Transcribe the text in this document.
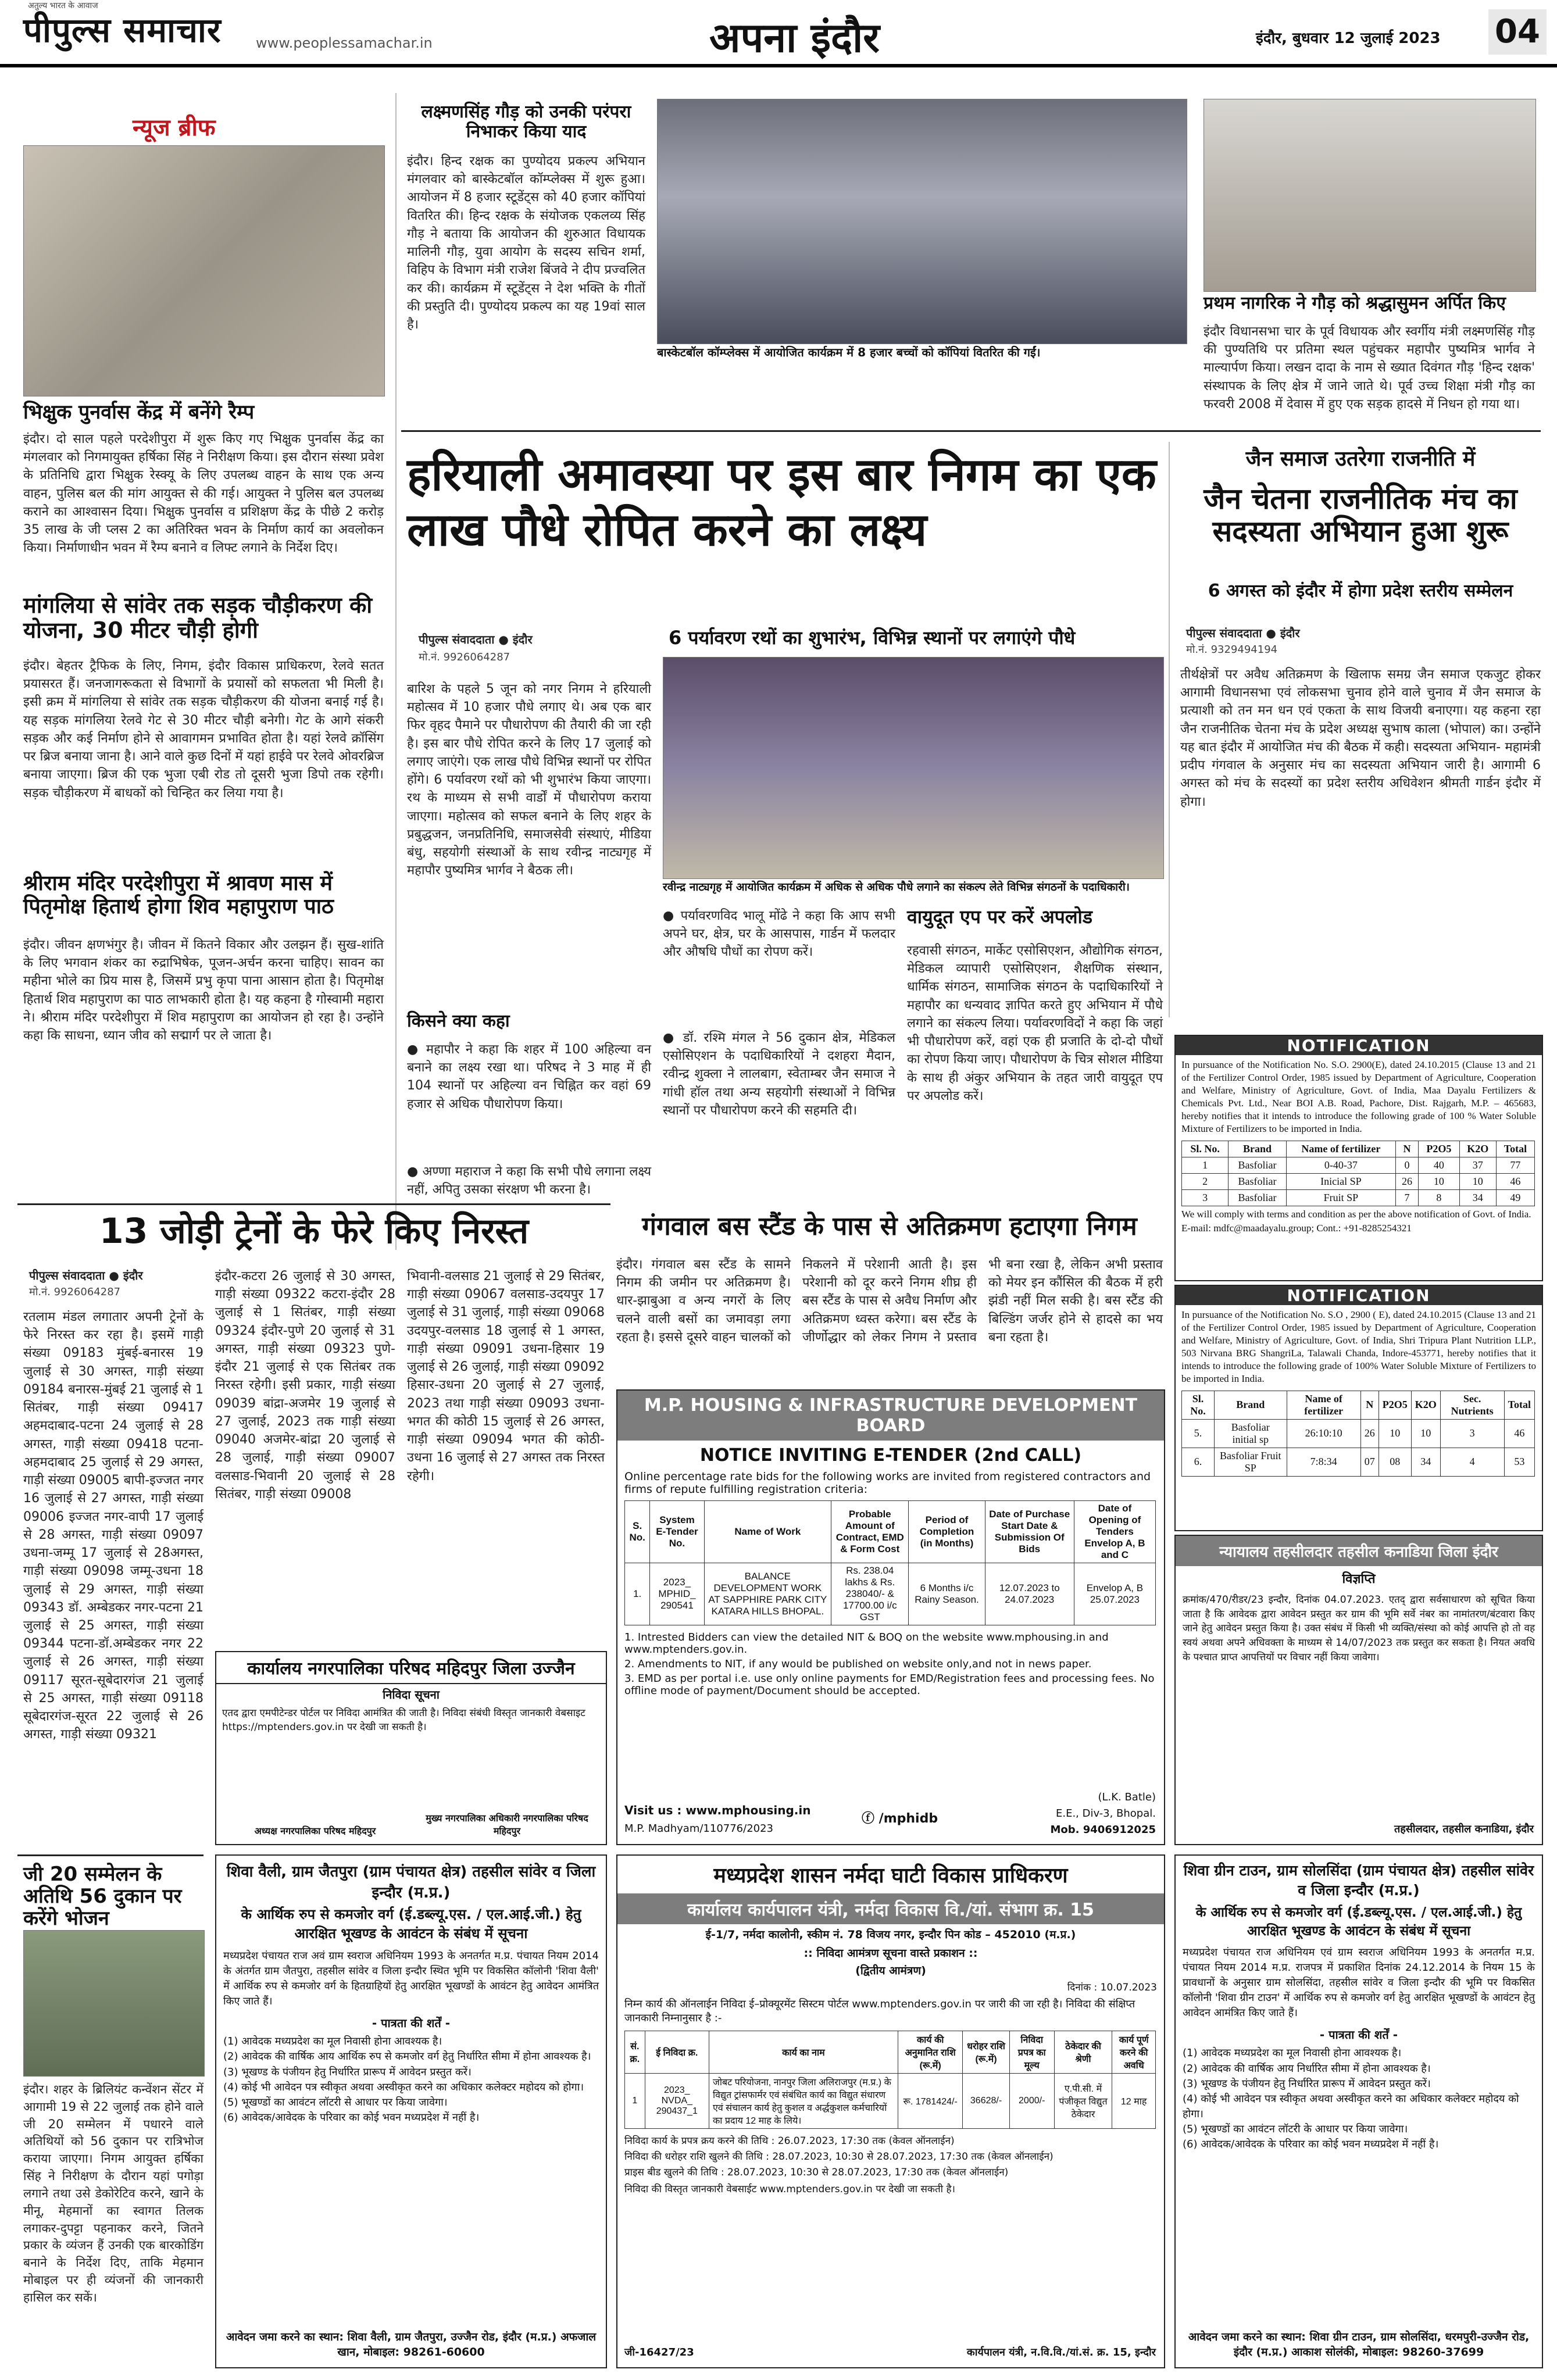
अतुल्य भारत के आवाज
पीपुल्स समाचार www.peoplessamachar.in	अपना इंदौर	इंदौर, बुधवार 12 जुलाई 2023 04
न्यूज ब्रीफ
भिक्षुक पुनर्वास केंद्र में बनेंगे रैम्प
इंदौर। दो साल पहले परदेशीपुरा में शुरू किए गए भिक्षुक पुनर्वास केंद्र का मंगलवार को निगमायुक्त हर्षिका सिंह ने निरीक्षण किया। इस दौरान संस्था प्रवेश के प्रतिनिधि द्वारा भिक्षुक रेस्क्यू के लिए उपलब्ध वाहन के साथ एक अन्य वाहन, पुलिस बल की मांग आयुक्त से की गई। आयुक्त ने पुलिस बल उपलब्ध कराने का आश्वासन दिया। भिक्षुक पुनर्वास व प्रशिक्षण केंद्र के पीछे 2 करोड़ 35 लाख के जी प्लस 2 का अतिरिक्त भवन के निर्माण कार्य का अवलोकन किया। निर्माणाधीन भवन में रैम्प बनाने व लिफ्ट लगाने के निर्देश दिए।
मांगलिया से सांवेर तक सड़क चौड़ीकरण की योजना, 30 मीटर चौड़ी होगी
इंदौर। बेहतर ट्रैफिक के लिए, निगम, इंदौर विकास प्राधिकरण, रेलवे सतत प्रयासरत हैं। जनजागरूकता से विभागों के प्रयासों को सफलता भी मिली है। इसी क्रम में मांगलिया से सांवेर तक सड़क चौड़ीकरण की योजना बनाई गई है। यह सड़क मांगलिया रेलवे गेट से 30 मीटर चौड़ी बनेगी। गेट के आगे संकरी सड़क और कई निर्माण होने से आवागमन प्रभावित होता है। यहां रेलवे क्रॉसिंग पर ब्रिज बनाया जाना है। आने वाले कुछ दिनों में यहां हाईवे पर रेलवे ओवरब्रिज बनाया जाएगा। ब्रिज की एक भुजा एबी रोड तो दूसरी भुजा डिपो तक रहेगी। सड़क चौड़ीकरण में बाधकों को चिन्हित कर लिया गया है।
श्रीराम मंदिर परदेशीपुरा में श्रावण मास में पितृमोक्ष हितार्थ होगा शिव महापुराण पाठ
इंदौर। जीवन क्षणभंगुर है। जीवन में कितने विकार और उलझन हैं। सुख-शांति के लिए भगवान शंकर का रुद्राभिषेक, पूजन-अर्चन करना चाहिए। सावन का महीना भोले का प्रिय मास है, जिसमें प्रभु कृपा पाना आसान होता है। पितृमोक्ष हितार्थ शिव महापुराण का पाठ लाभकारी होता है। यह कहना है गोस्वामी महारा ने। श्रीराम मंदिर परदेशीपुरा में शिव महापुराण का आयोजन हो रहा है। उन्होंने कहा कि साधना, ध्यान जीव को सद्मार्ग पर ले जाता है।
लक्ष्मणसिंह गौड़ को उनकी परंपरा निभाकर किया याद
इंदौर। हिन्द रक्षक का पुण्योदय प्रकल्प अभियान मंगलवार को बास्केटबॉल कॉम्प्लेक्स में शुरू हुआ। आयोजन में 8 हजार स्टूडेंट्स को 40 हजार कॉपियां वितरित की। हिन्द रक्षक के संयोजक एकलव्य सिंह गौड़ ने बताया कि आयोजन की शुरुआत विधायक मालिनी गौड़, युवा आयोग के सदस्य सचिन शर्मा, विहिप के विभाग मंत्री राजेश बिंजवे ने दीप प्रज्वलित कर की। कार्यक्रम में स्टूडेंट्स ने देश भक्ति के गीतों की प्रस्तुति दी। पुण्योदय प्रकल्प का यह 19वां साल है।
बास्केटबॉल कॉम्प्लेक्स में आयोजित कार्यक्रम में 8 हजार बच्चों को कॉपियां वितरित की गईं।
प्रथम नागरिक ने गौड़ को श्रद्धासुमन अर्पित किए
इंदौर विधानसभा चार के पूर्व विधायक और स्वर्गीय मंत्री लक्ष्मणसिंह गौड़ की पुण्यतिथि पर प्रतिमा स्थल पहुंचकर महापौर पुष्यमित्र भार्गव ने माल्यार्पण किया। लखन दादा के नाम से ख्यात दिवंगत गौड़ 'हिन्द रक्षक' संस्थापक के लिए क्षेत्र में जाने जाते थे। पूर्व उच्च शिक्षा मंत्री गौड़ का फरवरी 2008 में देवास में हुए एक सड़क हादसे में निधन हो गया था।
हरियाली अमावस्या पर इस बार निगम का एक लाख पौधे रोपित करने का लक्ष्य
6 पर्यावरण रथों का शुभारंभ, विभिन्न स्थानों पर लगाएंगे पौधे
पीपुल्स संवाददाता ● इंदौर
मो.नं. 9926064287
बारिश के पहले 5 जून को नगर निगम ने हरियाली महोत्सव में 10 हजार पौधे लगाए थे। अब एक बार फिर वृहद पैमाने पर पौधारोपण की तैयारी की जा रही है। इस बार पौधे रोपित करने के लिए 17 जुलाई को लगाए जाएंगे। एक लाख पौधे विभिन्न स्थानों पर रोपित होंगे। 6 पर्यावरण रथों को भी शुभारंभ किया जाएगा। रथ के माध्यम से सभी वार्डों में पौधारोपण कराया जाएगा। महोत्सव को सफल बनाने के लिए शहर के प्रबुद्धजन, जनप्रतिनिधि, समाजसेवी संस्थाएं, मीडिया बंधु, सहयोगी संस्थाओं के साथ रवीन्द्र नाट्यगृह में महापौर पुष्यमित्र भार्गव ने बैठक ली।
रवीन्द्र नाट्यगृह में आयोजित कार्यक्रम में अधिक से अधिक पौधे लगाने का संकल्प लेते विभिन्न संगठनों के पदाधिकारी।
किसने क्या कहा
● महापौर ने कहा कि शहर में 100 अहिल्या वन बनाने का लक्ष्य रखा था। परिषद ने 3 माह में ही 104 स्थानों पर अहिल्या वन चिह्नित कर वहां 69 हजार से अधिक पौधारोपण किया।
● अण्णा महाराज ने कहा कि सभी पौधे लगाना लक्ष्य नहीं, अपितु उसका संरक्षण भी करना है।
● पर्यावरणविद भालू मोंढे ने कहा कि आप सभी अपने घर, क्षेत्र, घर के आसपास, गार्डन में फलदार और औषधि पौधों का रोपण करें।
● डॉ. रश्मि मंगल ने 56 दुकान क्षेत्र, मेडिकल एसोसिएशन के पदाधिकारियों ने दशहरा मैदान, रवीन्द्र शुक्ला ने लालबाग, स्वेताम्बर जैन समाज ने गांधी हॉल तथा अन्य सहयोगी संस्थाओं ने विभिन्न स्थानों पर पौधारोपण करने की सहमति दी।
वायुदूत एप पर करें अपलोड
रहवासी संगठन, मार्केट एसोसिएशन, औद्योगिक संगठन, मेडिकल व्यापारी एसोसिएशन, शैक्षणिक संस्थान, धार्मिक संगठन, सामाजिक संगठन के पदाधिकारियों ने महापौर का धन्यवाद ज्ञापित करते हुए अभियान में पौधे लगाने का संकल्प लिया। पर्यावरणविदों ने कहा कि जहां भी पौधारोपण करें, वहां एक ही प्रजाति के दो-दो पौधों का रोपण किया जाए। पौधारोपण के चित्र सोशल मीडिया के साथ ही अंकुर अभियान के तहत जारी वायुदूत एप पर अपलोड करें।
जैन समाज उतरेगा राजनीति में
जैन चेतना राजनीतिक मंच का सदस्यता अभियान हुआ शुरू
6 अगस्त को इंदौर में होगा प्रदेश स्तरीय सम्मेलन
पीपुल्स संवाददाता ● इंदौर
मो.नं. 9329494194
तीर्थक्षेत्रों पर अवैध अतिक्रमण के खिलाफ समग्र जैन समाज एकजुट होकर आगामी विधानसभा एवं लोकसभा चुनाव होने वाले चुनाव में जैन समाज के प्रत्याशी को तन मन धन एवं एकता के साथ विजयी बनाएगा। यह कहना रहा जैन राजनीतिक चेतना मंच के प्रदेश अध्यक्ष सुभाष काला (भोपाल) का। उन्होंने यह बात इंदौर में आयोजित मंच की बैठक में कही। सदस्यता अभियान- महामंत्री प्रदीप गंगवाल के अनुसार मंच का सदस्यता अभियान जारी है। आगामी 6 अगस्त को मंच के सदस्यों का प्रदेश स्तरीय अधिवेशन श्रीमती गार्डन इंदौर में होगा।
NOTIFICATION
In pursuance of the Notification No. S.O. 2900(E), dated 24.10.2015 (Clause 13 and 21 of the Fertilizer Control Order, 1985 issued by Department of Agriculture, Cooperation and Welfare, Ministry of Agriculture, Govt. of India, Maa Dayalu Fertilizers & Chemicals Pvt. Ltd., Near BOI A.B. Road, Pachore, Dist. Rajgarh, M.P. – 465683, hereby notifies that it intends to introduce the following grade of 100 % Water Soluble Mixture of Fertilizers to be imported in India.
Sl. No.	Brand	Name of fertilizer	N	P2O5	K2O	Total
1	Basfoliar	0-40-37	0	40	37	77
2	Basfoliar	Inicial SP	26	10	10	46
3	Basfoliar	Fruit SP	7	8	34	49
We will comply with terms and condition as per the above notification of Govt. of India.
E-mail: mdfc@maadayalu.group; Cont.: +91-8285254321
NOTIFICATION
In pursuance of the Notification No. S.O , 2900 ( E), dated 24.10.2015 (Clause 13 and 21 of the Fertilizer Control Order, 1985 issued by Department of Agriculture, Cooperation and Welfare, Ministry of Agriculture, Govt. of India, Shri Tripura Plant Nutrition LLP., 503 Nirvana BRG ShangriLa, Talawali Chanda, Indore-453771, hereby notifies that it intends to introduce the following grade of 100% Water Soluble Mixture of Fertilizers to be imported in India.
Sl. No.	Brand	Name of fertilizer	N	P2O5	K2O	Sec. Nutrients	Total
5.	Basfoliar initial sp	26:10:10	26	10	10	3	46
6.	Basfoliar Fruit SP	7:8:34	07	08	34	4	53
13 जोड़ी ट्रेनों के फेरे किए निरस्त
पीपुल्स संवाददाता ● इंदौर
मो.नं. 9926064287
रतलाम मंडल लगातार अपनी ट्रेनों के फेरे निरस्त कर रहा है। इसमें गाड़ी संख्या 09183 मुंबई-बनारस 19 जुलाई से 30 अगस्त, गाड़ी संख्या 09184 बनारस-मुंबई 21 जुलाई से 1 सितंबर, गाड़ी संख्या 09417 अहमदाबाद-पटना 24 जुलाई से 28 अगस्त, गाड़ी संख्या 09418 पटना-अहमदाबाद 25 जुलाई से 29 अगस्त, गाड़ी संख्या 09005 बापी-इज्जत नगर 16 जुलाई से 27 अगस्त, गाड़ी संख्या 09006 इज्जत नगर-वापी 17 जुलाई से 28 अगस्त, गाड़ी संख्या 09097 उधना-जम्मू 17 जुलाई से 28अगस्त, गाड़ी संख्या 09098 जम्मू-उधना 18 जुलाई से 29 अगस्त, गाड़ी संख्या 09343 डॉ. अम्बेडकर नगर-पटना 21 जुलाई से 25 अगस्त, गाड़ी संख्या 09344 पटना-डॉ.अम्बेडकर नगर 22 जुलाई से 26 अगस्त, गाड़ी संख्या 09117 सूरत-सूबेदारगंज 21 जुलाई से 25 अगस्त, गाड़ी संख्या 09118 सूबेदारगंज-सूरत 22 जुलाई से 26 अगस्त, गाड़ी संख्या 09321
इंदौर-कटरा 26 जुलाई से 30 अगस्त, गाड़ी संख्या 09322 कटरा-इंदौर 28 जुलाई से 1 सितंबर, गाड़ी संख्या 09324 इंदौर-पुणे 20 जुलाई से 31 अगस्त, गाड़ी संख्या 09323 पुणे-इंदौर 21 जुलाई से एक सितंबर तक निरस्त रहेगी। इसी प्रकार, गाड़ी संख्या 09039 बांद्रा-अजमेर 19 जुलाई से 27 जुलाई, 2023 तक गाड़ी संख्या 09040 अजमेर-बांद्रा 20 जुलाई से 28 जुलाई, गाड़ी संख्या 09007 वलसाड-भिवानी 20 जुलाई से 28 सितंबर, गाड़ी संख्या 09008
भिवानी-वलसाड 21 जुलाई से 29 सितंबर, गाड़ी संख्या 09067 वलसाड-उदयपुर 17 जुलाई से 31 जुलाई, गाड़ी संख्या 09068 उदयपुर-वलसाड 18 जुलाई से 1 अगस्त, गाड़ी संख्या 09091 उधना-हिसार 19 जुलाई से 26 जुलाई, गाड़ी संख्या 09092 हिसार-उधना 20 जुलाई से 27 जुलाई, 2023 तथा गाड़ी संख्या 09093 उधना-भगत की कोठी 15 जुलाई से 26 अगस्त, गाड़ी संख्या 09094 भगत की कोठी-उधना 16 जुलाई से 27 अगस्त तक निरस्त रहेगी।
कार्यालय नगरपालिका परिषद महिदपुर जिला उज्जैन
निविदा सूचना
एतद द्वारा एमपीटेन्डर पोर्टल पर निविदा आमंत्रित की जाती है। निविदा संबंधी विस्तृत जानकारी वेबसाइट https://mptenders.gov.in पर देखी जा सकती है।
अध्यक्ष नगरपालिका परिषद महिदपुर
मुख्य नगरपालिका अधिकारी नगरपालिका परिषद महिदपुर
गंगवाल बस स्टैंड के पास से अतिक्रमण हटाएगा निगम
इंदौर। गंगवाल बस स्टैंड के सामने निगम की जमीन पर अतिक्रमण है। धार-झाबुआ व अन्य नगरों के लिए चलने वाली बसों का जमावड़ा लगा रहता है। इससे दूसरे वाहन चालकों को निकलने में परेशानी आती है। इस परेशानी को दूर करने निगम शीघ्र ही बस स्टैंड के पास से अवैध निर्माण और अतिक्रमण ध्वस्त करेगा। बस स्टैंड के जीर्णोद्धार को लेकर निगम ने प्रस्ताव भी बना रखा है, लेकिन अभी प्रस्ताव को मेयर इन कौंसिल की बैठक में हरी झंडी नहीं मिल सकी है। बस स्टैंड की बिल्डिंग जर्जर होने से हादसे का भय बना रहता है।
M.P. HOUSING & INFRASTRUCTURE DEVELOPMENT BOARD
NOTICE INVITING E-TENDER (2nd CALL)
Online percentage rate bids for the following works are invited from registered contractors and firms of repute fulfilling registration criteria:
S. No.	System E-Tender No.	Name of Work	Probable Amount of Contract, EMD & Form Cost	Period of Completion (in Months)	Date of Purchase Start Date & Submission Of Bids	Date of Opening of Tenders Envelop A, B and C
1.	2023_ MPHID_ 290541	BALANCE DEVELOPMENT WORK AT SAPPHIRE PARK CITY KATARA HILLS BHOPAL.	Rs. 238.04 lakhs & Rs. 238040/- & 17700.00 i/c GST	6 Months i/c Rainy Season.	12.07.2023 to 24.07.2023	Envelop A, B 25.07.2023
1. Intrested Bidders can view the detailed NIT & BOQ on the website www.mphousing.in and www.mptenders.gov.in.
2. Amendments to NIT, if any would be published on website only,and not in news paper.
3. EMD as per portal i.e. use only online payments for EMD/Registration fees and processing fees. No offline mode of payment/Document should be accepted.
Visit us : www.mphousing.in
M.P. Madhyam/110776/2023
ⓕ /mphidb
(L.K. Batle)
E.E., Div-3, Bhopal.
Mob. 9406912025
न्यायालय तहसीलदार तहसील कनाडिया जिला इंदौर
विज्ञप्ति
क्रमांक/470/रीडर/23 इन्दौर, दिनांक 04.07.2023. एतद् द्वारा सर्वसाधारण को सूचित किया जाता है कि आवेदक द्वारा आवेदन प्रस्तुत कर ग्राम की भूमि सर्वे नंबर का नामांतरण/बंटवारा किए जाने हेतु आवेदन प्रस्तुत किया है। उक्त संबंध में किसी भी व्यक्ति/संस्था को कोई आपत्ति हो तो वह स्वयं अथवा अपने अधिवक्ता के माध्यम से 14/07/2023 तक प्रस्तुत कर सकता है। नियत अवधि के पश्चात प्राप्त आपत्तियों पर विचार नहीं किया जावेगा।
तहसीलदार, तहसील कनाडिया, इंदौर
जी 20 सम्मेलन के अतिथि 56 दुकान पर करेंगे भोजन
इंदौर। शहर के ब्रिलियंट कन्वेंशन सेंटर में आगामी 19 से 22 जुलाई तक होने वाले जी 20 सम्मेलन में पधारने वाले अतिथियों को 56 दुकान पर रात्रिभोज कराया जाएगा। निगम आयुक्त हर्षिका सिंह ने निरीक्षण के दौरान यहां पगोड़ा लगाने तथा उसे डेकोरेटिव करने, खाने के मीनू, मेहमानों का स्वागत तिलक लगाकर-दुपट्टा पहनाकर करने, जितने प्रकार के व्यंजन हैं उनकी एक बारकोडिंग बनाने के निर्देश दिए, ताकि मेहमान मोबाइल पर ही व्यंजनों की जानकारी हासिल कर सकें।
शिवा वैली, ग्राम जैतपुरा (ग्राम पंचायत क्षेत्र) तहसील सांवेर व जिला इन्दौर (म.प्र.)
के आर्थिक रुप से कमजोर वर्ग (ई.डब्ल्यू.एस. / एल.आई.जी.) हेतु आरक्षित भूखण्ड के आवंटन के संबंध में सूचना
मध्यप्रदेश पंचायत राज अवं ग्राम स्वराज अधिनियम 1993 के अनतर्गत म.प्र. पंचायत नियम 2014 के अंतर्गत ग्राम जैतपुरा, तहसील सांवेर व जिला इन्दौर स्थित भूमि पर विकसित कॉलोनी 'शिवा वैली' में आर्थिक रुप से कमजोर वर्ग के हितग्राहियों हेतु आरक्षित भूखण्डों के आवंटन हेतु आवेदन आमंत्रित किए जाते हैं।
- पात्रता की शर्तें -
(1) आवेदक मध्यप्रदेश का मूल निवासी होना आवश्यक है।
(2) आवेदक की वार्षिक आय आर्थिक रुप से कमजोर वर्ग हेतु निर्धारित सीमा में होना आवश्यक है।
(3) भूखण्ड के पंजीयन हेतु निर्धारित प्रारूप में आवेदन प्रस्तुत करें।
(4) कोई भी आवेदन पत्र स्वीकृत अथवा अस्वीकृत करने का अधिकार कलेक्टर महोदय को होगा।
(5) भूखण्डों का आवंटन लॉटरी से आधार पर किया जावेगा।
(6) आवेदक/आवेदक के परिवार का कोई भवन मध्यप्रदेश में नहीं है।
आवेदन जमा करने का स्थान: शिवा वैली, ग्राम जैतपुरा, उज्जैन रोड, इंदौर (म.प्र.) अफजाल खान, मोबाइल: 98261-60600
मध्यप्रदेश शासन नर्मदा घाटी विकास प्राधिकरण
कार्यालय कार्यपालन यंत्री, नर्मदा विकास वि./यां. संभाग क्र. 15
ई-1/7, नर्मदा कालोनी, स्कीम नं. 78 विजय नगर, इन्दौर पिन कोड – 452010 (म.प्र.)
:: निविदा आमंत्रण सूचना वास्ते प्रकाशन ::
(द्वितीय आमंत्रण)
दिनांक : 10.07.2023
निम्न कार्य की ऑनलाईन निविदा ई–प्रोक्यूरमेंट सिस्टम पोर्टल www.mptenders.gov.in पर जारी की जा रही है। निविदा की संक्षिप्त जानकारी निम्नानुसार है :-
सं. क्र.	ई निविदा क्र.	कार्य का नाम	कार्य की अनुमानित राशि (रू.में)	धरोहर राशि (रू.में)	निविदा प्रपत्र का मूल्य	ठेकेदार की श्रेणी	कार्य पूर्ण करने की अवधि
1	2023_ NVDA_ 290437_1	जोबट परियोजना, नानपुर जिला अलिराजपुर (म.प्र.) के विद्युत ट्रांसफार्मर एवं संबंधित कार्य का विद्युत संधारण एवं संचालन कार्य हेतु कुशल व अर्द्धकुशल कर्मचारियों का प्रदाय 12 माह के लिये।	रू. 1781424/-	36628/-	2000/-	ए.पी.सी. में पंजीकृत विद्युत ठेकेदार	12 माह
निविदा कार्य के प्रपत्र क्रय करने की तिथि : 26.07.2023, 17:30 तक (केवल ऑनलाईन)
निविदा की धरोहर राशि खुलने की तिथि : 28.07.2023, 10:30 से 28.07.2023, 17:30 तक (केवल ऑनलाईन)
प्राइस बीड खुलने की तिथि : 28.07.2023, 10:30 से 28.07.2023, 17:30 तक (केवल ऑनलाईन)
निविदा की विस्तृत जानकारी वेबसाईट www.mptenders.gov.in पर देखी जा सकती है।
जी-16427/23	कार्यपालन यंत्री, न.वि.वि./यां.सं. क्र. 15, इन्दौर
शिवा ग्रीन टाउन, ग्राम सोलसिंदा (ग्राम पंचायत क्षेत्र) तहसील सांवेर व जिला इन्दौर (म.प्र.)
के आर्थिक रुप से कमजोर वर्ग (ई.डब्ल्यू.एस. / एल.आई.जी.) हेतु आरक्षित भूखण्ड के आवंटन के संबंध में सूचना
मध्यप्रदेश पंचायत राज अधिनियम एवं ग्राम स्वराज अधिनियम 1993 के अनतर्गत म.प्र. पंचायत नियम 2014 म.प्र. राजपत्र में प्रकाशित दिनांक 24.12.2014 के नियम 15 के प्रावधानों के अनुसार ग्राम सोलसिंदा, तहसील सांवेर व जिला इन्दौर की भूमि पर विकसित कॉलोनी 'शिवा ग्रीन टाउन' में आर्थिक रुप से कमजोर वर्ग हेतु आरक्षित भूखण्डों के आवंटन हेतु आवेदन आमंत्रित किए जाते हैं।
- पात्रता की शर्तें -
(1) आवेदक मध्यप्रदेश का मूल निवासी होना आवश्यक है।
(2) आवेदक की वार्षिक आय निर्धारित सीमा में होना आवश्यक है।
(3) भूखण्ड के पंजीयन हेतु निर्धारित प्रारूप में आवेदन प्रस्तुत करें।
(4) कोई भी आवेदन पत्र स्वीकृत अथवा अस्वीकृत करने का अधिकार कलेक्टर महोदय को होगा।
(5) भूखण्डों का आवंटन लॉटरी के आधार पर किया जावेगा।
(6) आवेदक/आवेदक के परिवार का कोई भवन मध्यप्रदेश में नहीं है।
आवेदन जमा करने का स्थान: शिवा ग्रीन टाउन, ग्राम सोलसिंदा, धरमपुरी-उज्जैन रोड, इंदौर (म.प्र.) आकाश सोलंकी, मोबाइल: 98260-37699
